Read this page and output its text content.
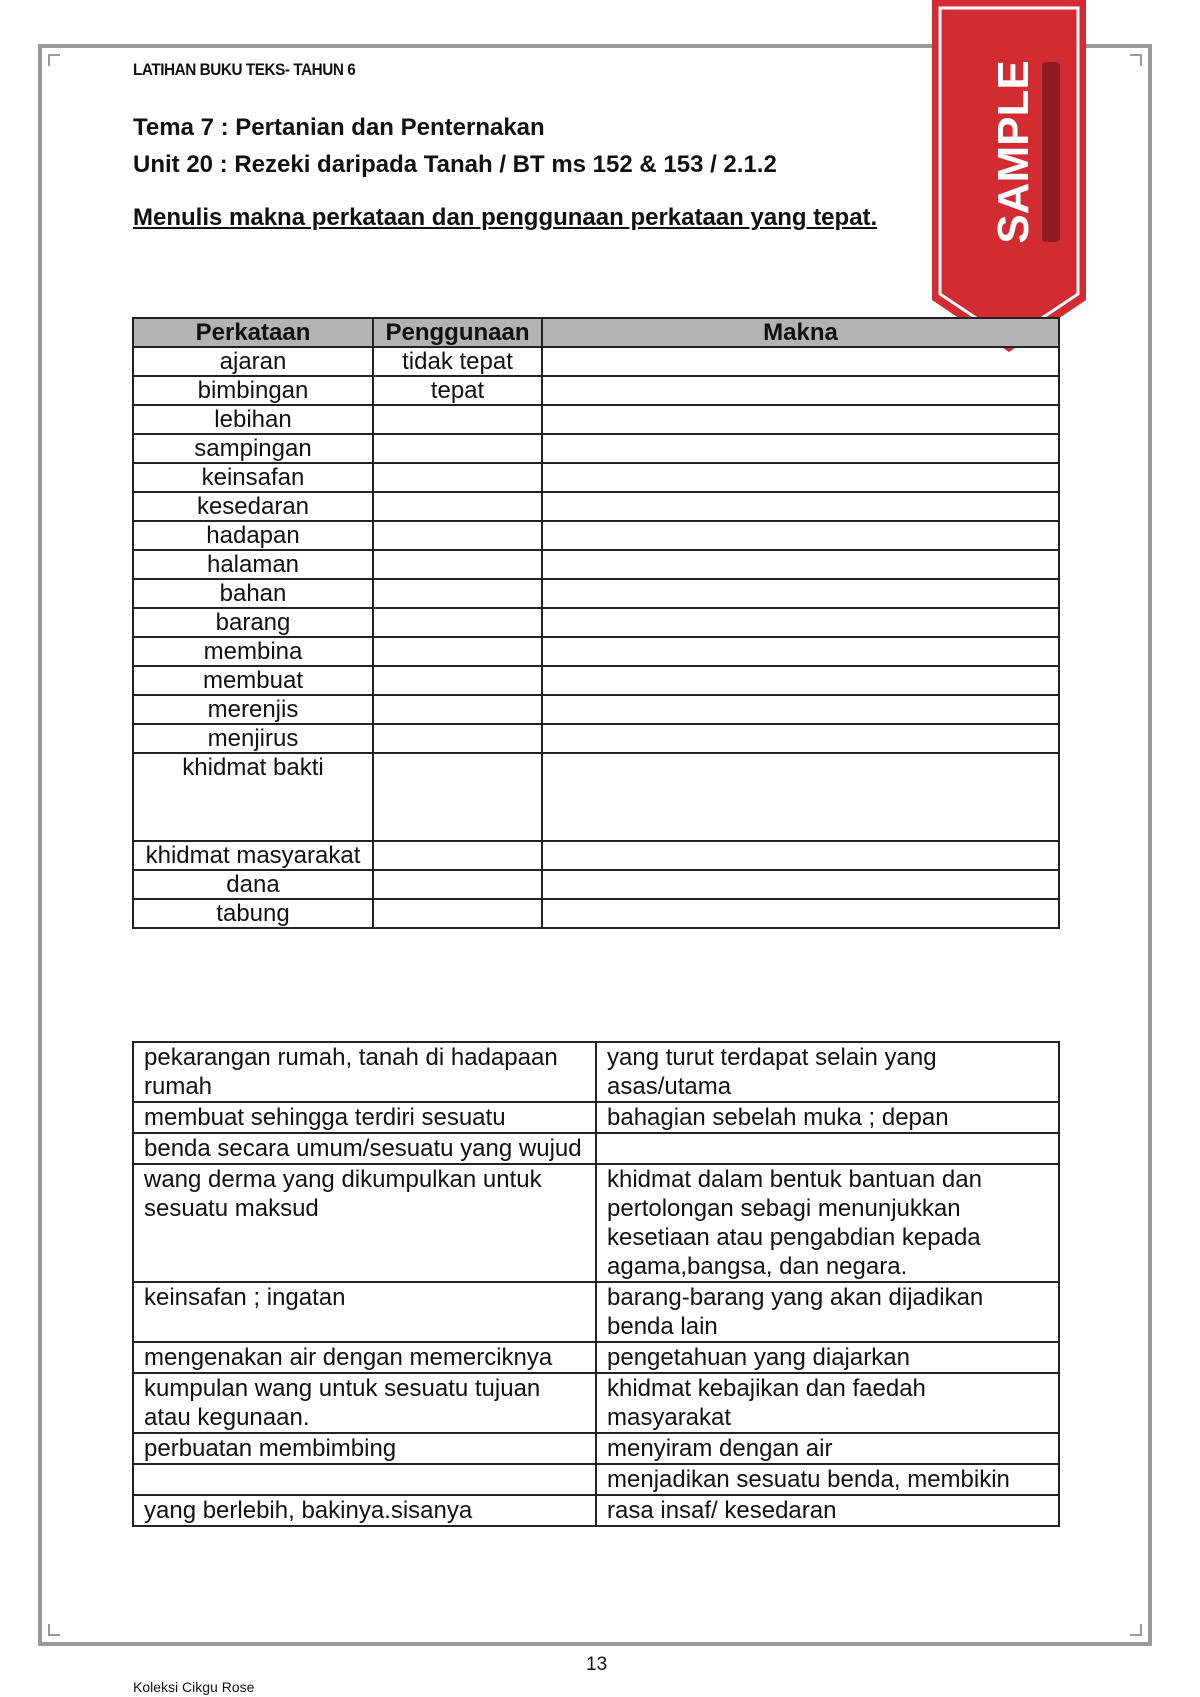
LATIHAN BUKU TEKS- TAHUN 6
Tema 7 : Pertanian dan Penternakan
Unit 20 : Rezeki daripada Tanah / BT ms 152 & 153 / 2.1.2
Menulis makna perkataan dan penggunaan perkataan yang tepat.	SAMPLE
Perkataan	Penggunaan	Makna
ajaran	tidak tepat	
bimbingan	tepat	
lebihan		
sampingan		
keinsafan		
kesedaran		
hadapan		
halaman		
bahan		
barang		
membina		
membuat		
merenjis		
menjirus		
khidmat bakti		
khidmat masyarakat		
dana		
tabung		
pekarangan rumah, tanah di hadapaan rumah	yang turut terdapat selain yang asas/utama
membuat sehingga terdiri sesuatu	bahagian sebelah muka ; depan
benda secara umum/sesuatu yang wujud	
wang derma yang dikumpulkan untuk sesuatu maksud	khidmat dalam bentuk bantuan dan pertolongan sebagi menunjukkan kesetiaan atau pengabdian kepada agama,bangsa, dan negara.
keinsafan ; ingatan	barang-barang yang akan dijadikan benda lain
mengenakan air dengan memerciknya	pengetahuan yang diajarkan
kumpulan wang untuk sesuatu tujuan atau kegunaan.	khidmat kebajikan dan faedah masyarakat
perbuatan membimbing	menyiram dengan air
	menjadikan sesuatu benda, membikin
yang berlebih, bakinya.sisanya	rasa insaf/ kesedaran
13
Koleksi Cikgu Rose
